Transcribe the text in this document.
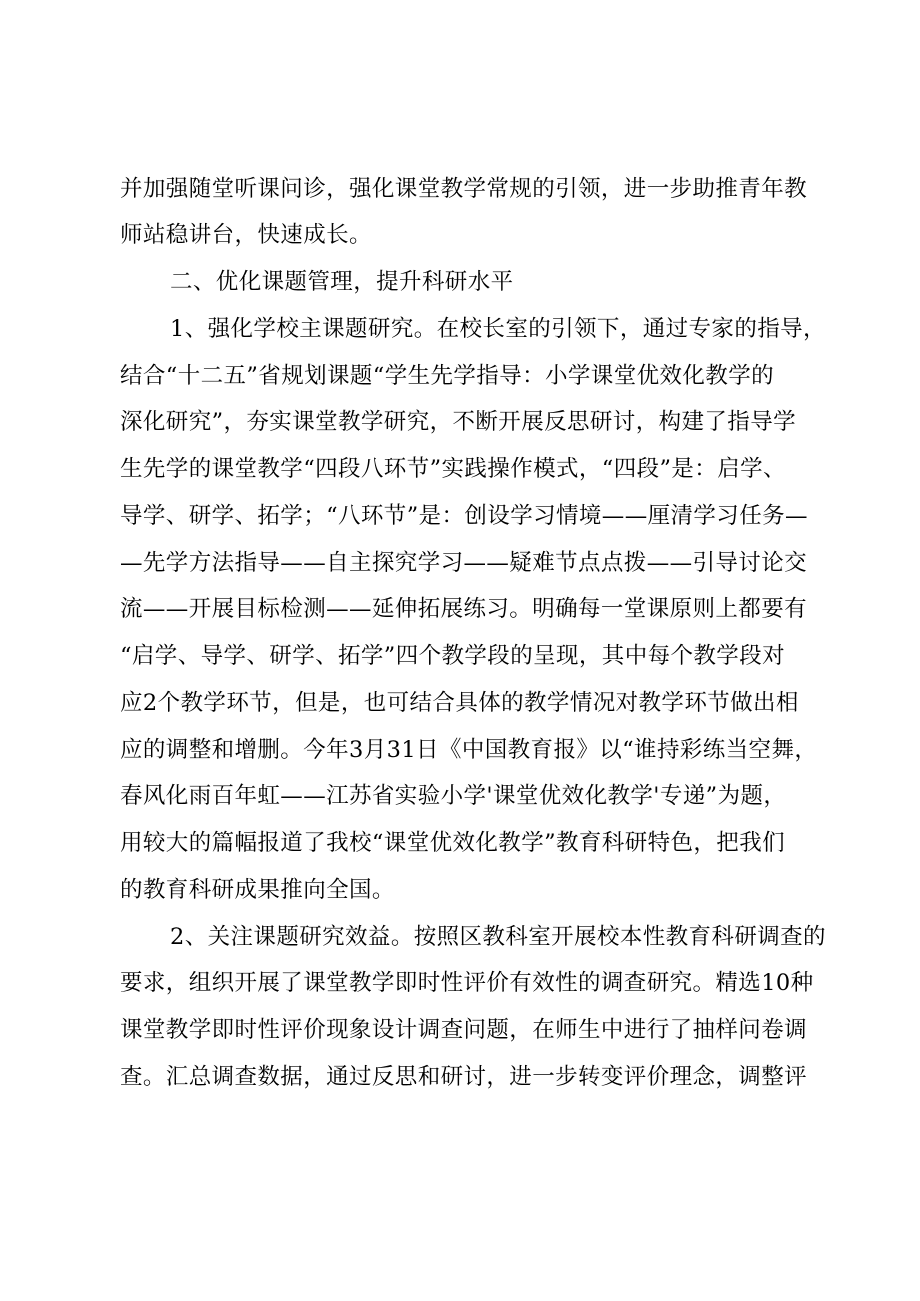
并加强随堂听课问诊，强化课堂教学常规的引领，进一步助推青年教
师站稳讲台，快速成长。
二、优化课题管理，提升科研水平
1、强化学校主课题研究。在校长室的引领下，通过专家的指导，
结合“十二五”省规划课题“学生先学指导：小学课堂优效化教学的
深化研究”，夯实课堂教学研究，不断开展反思研讨，构建了指导学
生先学的课堂教学“四段八环节”实践操作模式，“四段”是：启学、
导学、研学、拓学；“八环节”是：创设学习情境——厘清学习任务—
—先学方法指导——自主探究学习——疑难节点点拨——引导讨论交
流——开展目标检测——延伸拓展练习。明确每一堂课原则上都要有
“启学、导学、研学、拓学”四个教学段的呈现，其中每个教学段对
应2个教学环节，但是，也可结合具体的教学情况对教学环节做出相
应的调整和增删。今年3月31日《中国教育报》以“谁持彩练当空舞，
春风化雨百年虹——江苏省实验小学'课堂优效化教学'专递”为题，
用较大的篇幅报道了我校“课堂优效化教学”教育科研特色，把我们
的教育科研成果推向全国。
2、关注课题研究效益。按照区教科室开展校本性教育科研调查的
要求，组织开展了课堂教学即时性评价有效性的调查研究。精选10种
课堂教学即时性评价现象设计调查问题，在师生中进行了抽样问卷调
查。汇总调查数据，通过反思和研讨，进一步转变评价理念，调整评
